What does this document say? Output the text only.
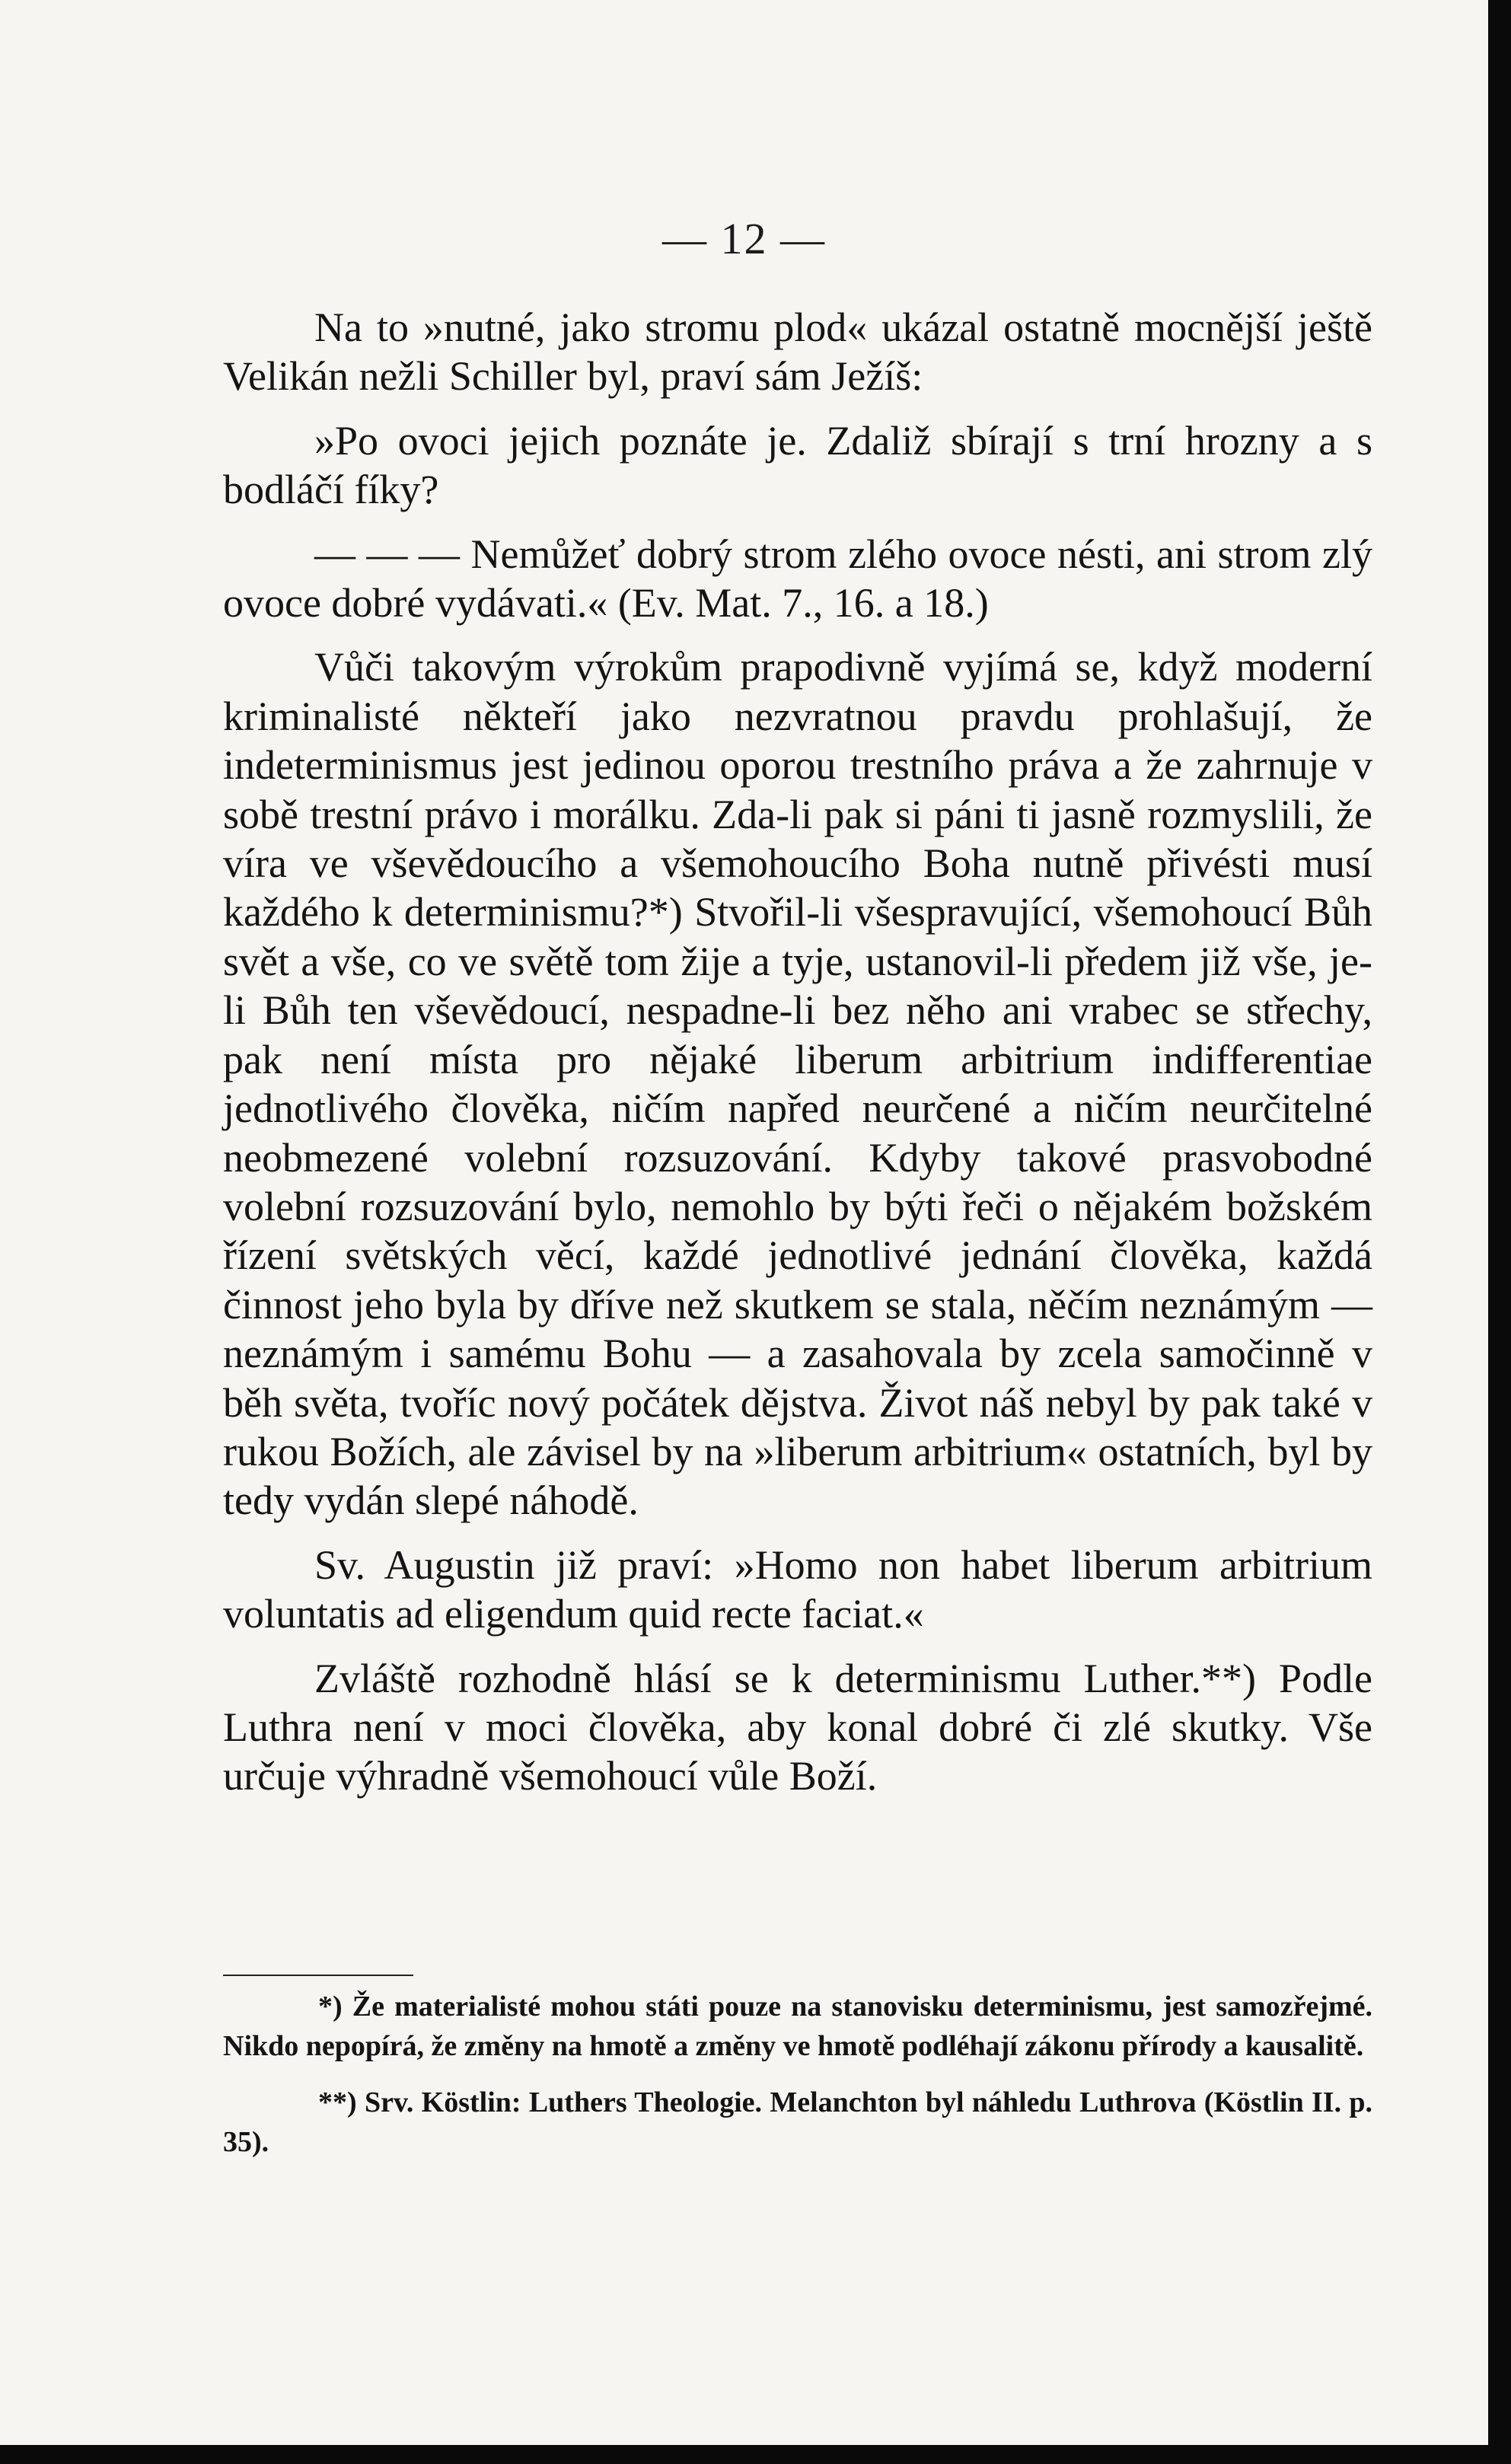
— 12 —

Na to »nutné, jako stromu plod« ukázal ostatně mocnější ještě Velikán nežli Schiller byl, praví sám Ježíš:

»Po ovoci jejich poznáte je. Zdaliž sbírají s trní hrozny a s bodláčí fíky?

— — — Nemůžeť dobrý strom zlého ovoce nésti, ani strom zlý ovoce dobré vydávati.« (Ev. Mat. 7., 16. a 18.)

Vůči takovým výrokům prapodivně vyjímá se, když moderní kriminalisté někteří jako nezvratnou pravdu prohlašují, že indeterminismus jest jedinou oporou trestního práva a že zahrnuje v sobě trestní právo i morálku. Zda-li pak si páni ti jasně rozmyslili, že víra ve vševědoucího a všemohoucího Boha nutně přivésti musí každého k determinismu?*) Stvořil-li všespravující, všemohoucí Bůh svět a vše, co ve světě tom žije a tyje, ustanovil-li předem již vše, je-li Bůh ten vševědoucí, nespadne-li bez něho ani vrabec se střechy, pak není místa pro nějaké liberum arbitrium indifferentiae jednotlivého člověka, ničím napřed neurčené a ničím neurčitelné neobmezené volební rozsuzování. Kdyby takové prasvobodné volební rozsuzování bylo, nemohlo by býti řeči o nějakém božském řízení světských věcí, každé jednotlivé jednání člověka, každá činnost jeho byla by dříve než skutkem se stala, něčím neznámým — neznámým i samému Bohu — a zasahovala by zcela samočinně v běh světa, tvoříc nový počátek dějstva. Život náš nebyl by pak také v rukou Božích, ale závisel by na »liberum arbitrium« ostatních, byl by tedy vydán slepé náhodě.

Sv. Augustin již praví: »Homo non habet liberum arbitrium voluntatis ad eligendum quid recte faciat.«

Zvláště rozhodně hlásí se k determinismu Luther.**) Podle Luthra není v moci člověka, aby konal dobré či zlé skutky. Vše určuje výhradně všemohoucí vůle Boží.

*) Že materialisté mohou státi pouze na stanovisku determinismu, jest samozřejmé. Nikdo nepopírá, že změny na hmotě a změny ve hmotě podléhají zákonu přírody a kausalitě.

**) Srv. Köstlin: Luthers Theologie. Melanchton byl náhledu Luthrova (Köstlin II. p. 35).
